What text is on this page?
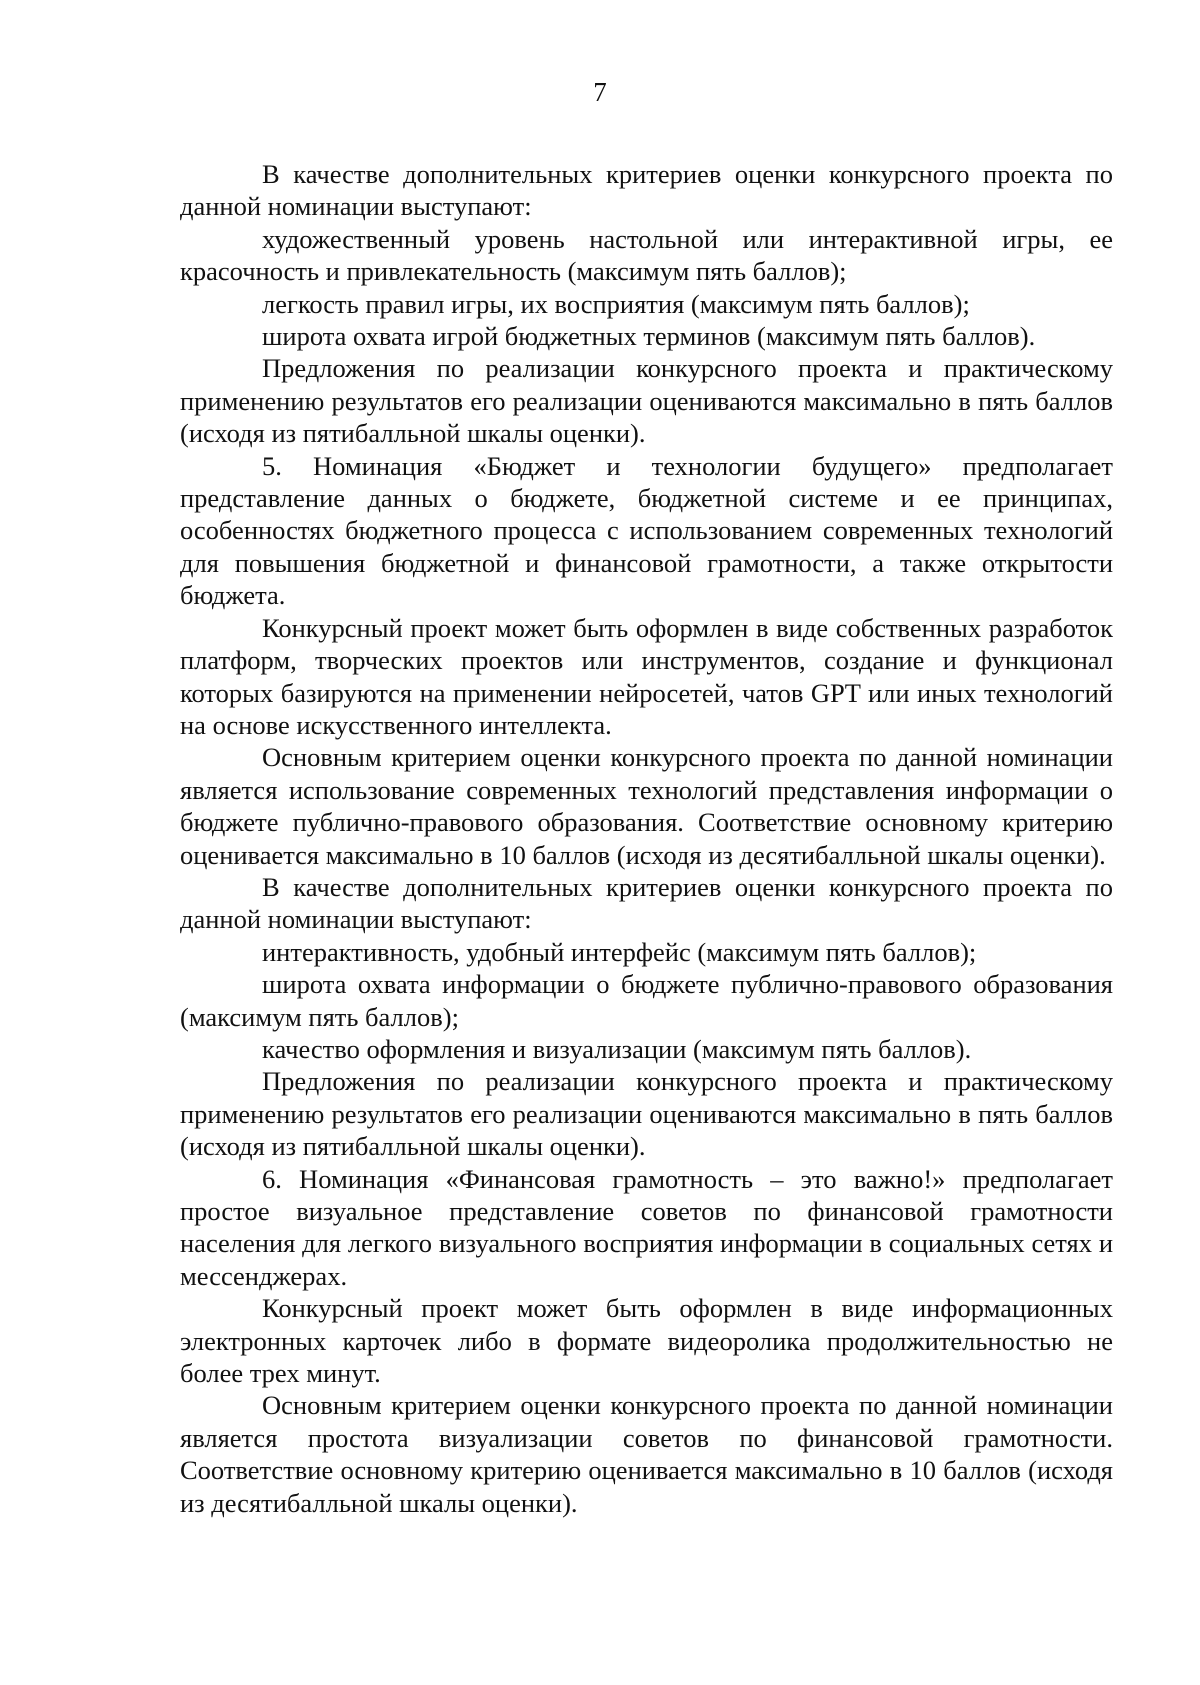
7

В качестве дополнительных критериев оценки конкурсного проекта по данной номинации выступают:

художественный уровень настольной или интерактивной игры, ее красочность и привлекательность (максимум пять баллов);

легкость правил игры, их восприятия (максимум пять баллов);

широта охвата игрой бюджетных терминов (максимум пять баллов).

Предложения по реализации конкурсного проекта и практическому применению результатов его реализации оцениваются максимально в пять баллов (исходя из пятибалльной шкалы оценки).

5. Номинация «Бюджет и технологии будущего» предполагает представление данных о бюджете, бюджетной системе и ее принципах, особенностях бюджетного процесса с использованием современных технологий для повышения бюджетной и финансовой грамотности, а также открытости бюджета.

Конкурсный проект может быть оформлен в виде собственных разработок платформ, творческих проектов или инструментов, создание и функционал которых базируются на применении нейросетей, чатов GPT или иных технологий на основе искусственного интеллекта.

Основным критерием оценки конкурсного проекта по данной номинации является использование современных технологий представления информации о бюджете публично-правового образования. Соответствие основному критерию оценивается максимально в 10 баллов (исходя из десятибалльной шкалы оценки).

В качестве дополнительных критериев оценки конкурсного проекта по данной номинации выступают:

интерактивность, удобный интерфейс (максимум пять баллов);

широта охвата информации о бюджете публично-правового образования (максимум пять баллов);

качество оформления и визуализации (максимум пять баллов).

Предложения по реализации конкурсного проекта и практическому применению результатов его реализации оцениваются максимально в пять баллов (исходя из пятибалльной шкалы оценки).

6. Номинация «Финансовая грамотность – это важно!» предполагает простое визуальное представление советов по финансовой грамотности населения для легкого визуального восприятия информации в социальных сетях и мессенджерах.

Конкурсный проект может быть оформлен в виде информационных электронных карточек либо в формате видеоролика продолжительностью не более трех минут.

Основным критерием оценки конкурсного проекта по данной номинации является простота визуализации советов по финансовой грамотности. Соответствие основному критерию оценивается максимально в 10 баллов (исходя из десятибалльной шкалы оценки).
